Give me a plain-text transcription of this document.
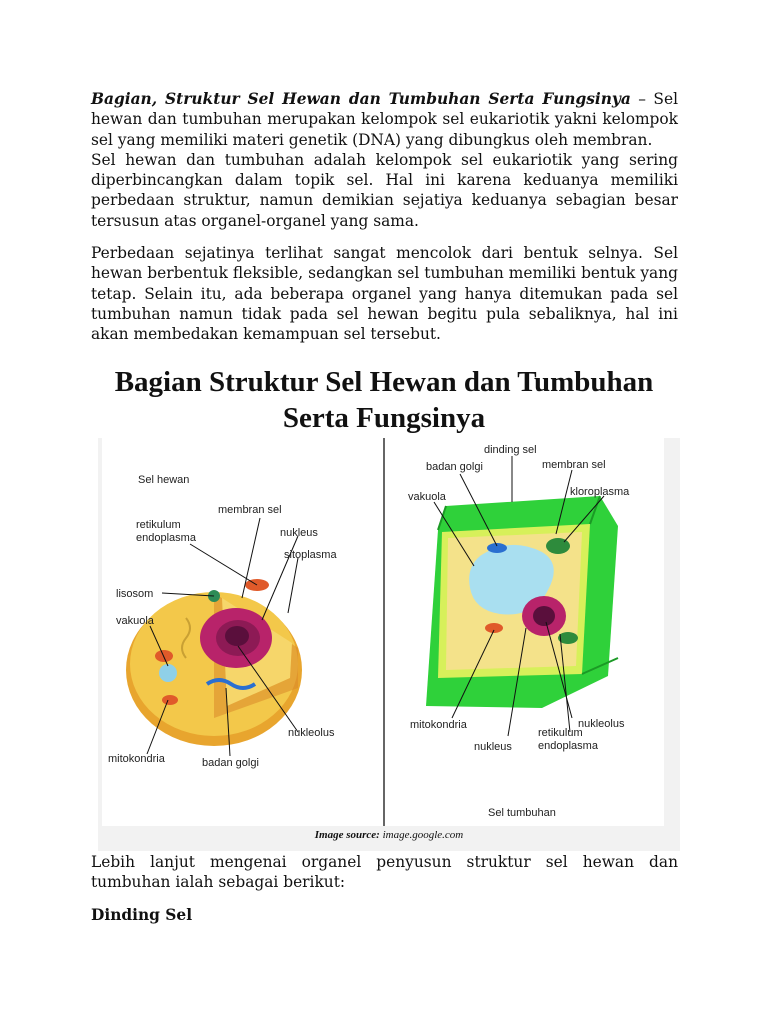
Bagian, Struktur Sel Hewan dan Tumbuhan Serta Fungsinya – Sel hewan dan tumbuhan merupakan kelompok sel eukariotik yakni kelompok sel yang memiliki materi genetik (DNA) yang dibungkus oleh membran.

Sel hewan dan tumbuhan adalah kelompok sel eukariotik yang sering diperbincangkan dalam topik sel. Hal ini karena keduanya memiliki perbedaan struktur, namun demikian sejatiya keduanya sebagian besar tersusun atas organel-organel yang sama.

Perbedaan sejatinya terlihat sangat mencolok dari bentuk selnya. Sel hewan berbentuk fleksible, sedangkan sel tumbuhan memiliki bentuk yang tetap. Selain itu, ada beberapa organel yang hanya ditemukan pada sel tumbuhan namun tidak pada sel hewan begitu pula sebaliknya, hal ini akan membedakan kemampuan sel tersebut.

Bagian Struktur Sel Hewan dan Tumbuhan
Serta Fungsinya
Sel hewan
membran sel
retikulum
endoplasma	nukleus
sitoplasma
lisosom
vakuola
nukleolus
mitokondria	badan golgi
dinding sel
badan golgi	membran sel
vakuola	kloroplasma
mitokondria	nukleolus
nukleus
retikulum
endoplasma
Sel tumbuhan
Image source: image.google.com

Lebih lanjut mengenai organel penyusun struktur sel hewan dan tumbuhan ialah sebagai berikut:

Dinding Sel
